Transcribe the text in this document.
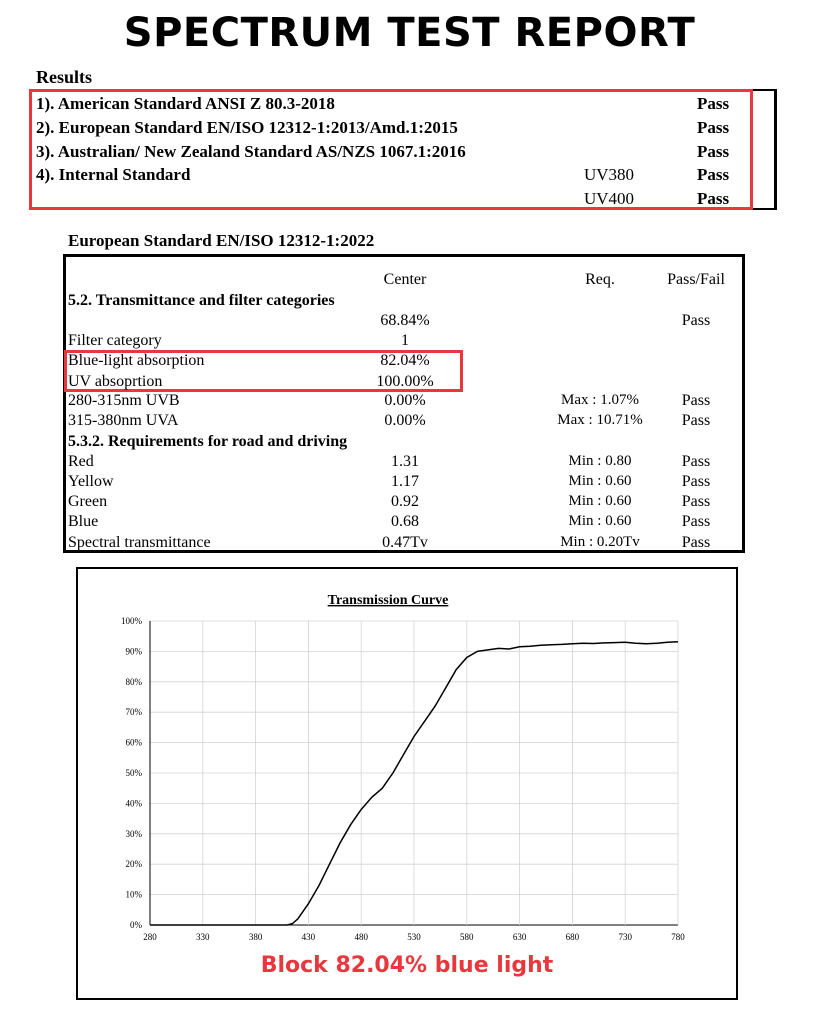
SPECTRUM TEST REPORT
Results
1). American Standard ANSI Z 80.3-2018	Pass
2). European Standard EN/ISO 12312-1:2013/Amd.1:2015	Pass
3). Australian/ New Zealand Standard AS/NZS 1067.1:2016	Pass
4). Internal Standard	UV380	Pass
UV400	Pass
European Standard EN/ISO 12312-1:2022
Center	Req.	Pass/Fail
5.2. Transmittance and filter categories
68.84%	Pass
Filter category	1
Blue-light absorption	82.04%
UV absoprtion	100.00%
280-315nm UVB	0.00%	Max : 1.07%	Pass
315-380nm UVA	0.00%	Max : 10.71%	Pass
5.3.2. Requirements for road and driving
Red	1.31	Min : 0.80	Pass
Yellow	1.17	Min : 0.60	Pass
Green	0.92	Min : 0.60	Pass
Blue	0.68	Min : 0.60	Pass
Spectral transmittance	0.47Tv	Min : 0.20Tv	Pass
Transmission Curve
0%
10%
20%
30%
40%
50%
60%
70%
80%
90%
100%
280	330	380	430	480	530	580	630	680	730	780
Block 82.04% blue light
